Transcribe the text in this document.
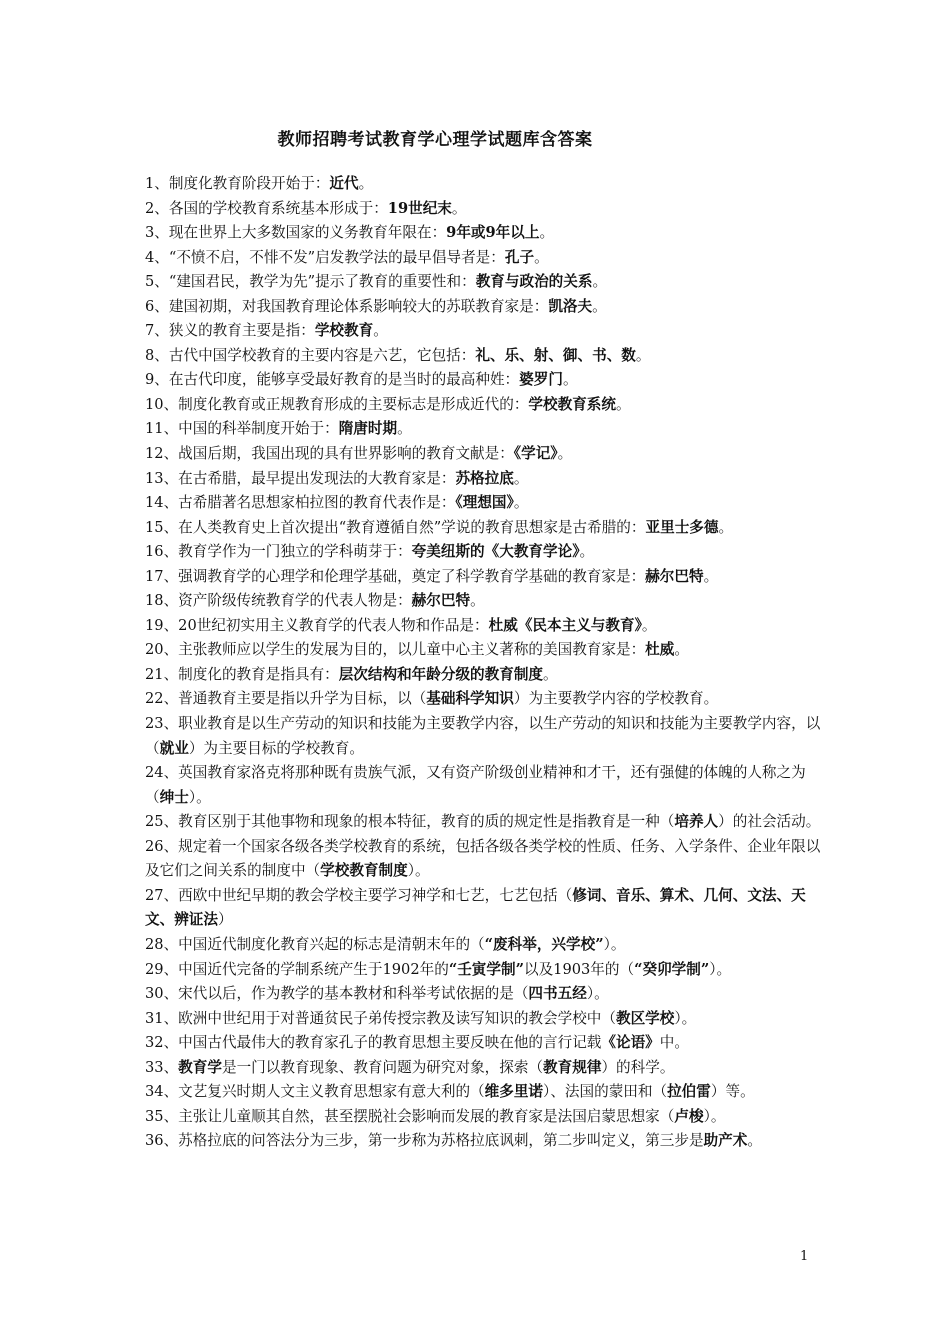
教师招聘考试教育学心理学试题库含答案
1、制度化教育阶段开始于：近代。
2、各国的学校教育系统基本形成于：19世纪末。
3、现在世界上大多数国家的义务教育年限在：9年或9年以上。
4、“不愤不启，不悱不发”启发教学法的最早倡导者是：孔子。
5、“建国君民，教学为先”提示了教育的重要性和：教育与政治的关系。
6、建国初期，对我国教育理论体系影响较大的苏联教育家是：凯洛夫。
7、狭义的教育主要是指：学校教育。
8、古代中国学校教育的主要内容是六艺，它包括：礼、乐、射、御、书、数。
9、在古代印度，能够享受最好教育的是当时的最高种姓：婆罗门。
10、制度化教育或正规教育形成的主要标志是形成近代的：学校教育系统。
11、中国的科举制度开始于：隋唐时期。
12、战国后期，我国出现的具有世界影响的教育文献是：《学记》。
13、在古希腊，最早提出发现法的大教育家是：苏格拉底。
14、古希腊著名思想家柏拉图的教育代表作是：《理想国》。
15、在人类教育史上首次提出“教育遵循自然”学说的教育思想家是古希腊的：亚里士多德。
16、教育学作为一门独立的学科萌芽于：夸美纽斯的《大教育学论》。
17、强调教育学的心理学和伦理学基础，奠定了科学教育学基础的教育家是：赫尔巴特。
18、资产阶级传统教育学的代表人物是：赫尔巴特。
19、20世纪初实用主义教育学的代表人物和作品是：杜威《民本主义与教育》。
20、主张教师应以学生的发展为目的，以儿童中心主义著称的美国教育家是：杜威。
21、制度化的教育是指具有：层次结构和年龄分级的教育制度。
22、普通教育主要是指以升学为目标，以（基础科学知识）为主要教学内容的学校教育。
23、职业教育是以生产劳动的知识和技能为主要教学内容，以生产劳动的知识和技能为主要教学内容，以（就业）为主要目标的学校教育。
24、英国教育家洛克将那种既有贵族气派，又有资产阶级创业精神和才干，还有强健的体魄的人称之为（绅士）。
25、教育区别于其他事物和现象的根本特征，教育的质的规定性是指教育是一种（培养人）的社会活动。
26、规定着一个国家各级各类学校教育的系统，包括各级各类学校的性质、任务、入学条件、企业年限以及它们之间关系的制度中（学校教育制度）。
27、西欧中世纪早期的教会学校主要学习神学和七艺，七艺包括（修词、音乐、算术、几何、文法、天文、辨证法）
28、中国近代制度化教育兴起的标志是清朝末年的（“废科举，兴学校”）。
29、中国近代完备的学制系统产生于1902年的“壬寅学制”以及1903年的（“癸卯学制”）。
30、宋代以后，作为教学的基本教材和科举考试依据的是（四书五经）。
31、欧洲中世纪用于对普通贫民子弟传授宗教及读写知识的教会学校中（教区学校）。
32、中国古代最伟大的教育家孔子的教育思想主要反映在他的言行记载《论语》中。
33、教育学是一门以教育现象、教育问题为研究对象，探索（教育规律）的科学。
34、文艺复兴时期人文主义教育思想家有意大利的（维多里诺）、法国的蒙田和（拉伯雷）等。
35、主张让儿童顺其自然，甚至摆脱社会影响而发展的教育家是法国启蒙思想家（卢梭）。
36、苏格拉底的问答法分为三步，第一步称为苏格拉底讽刺，第二步叫定义，第三步是助产术。
1
